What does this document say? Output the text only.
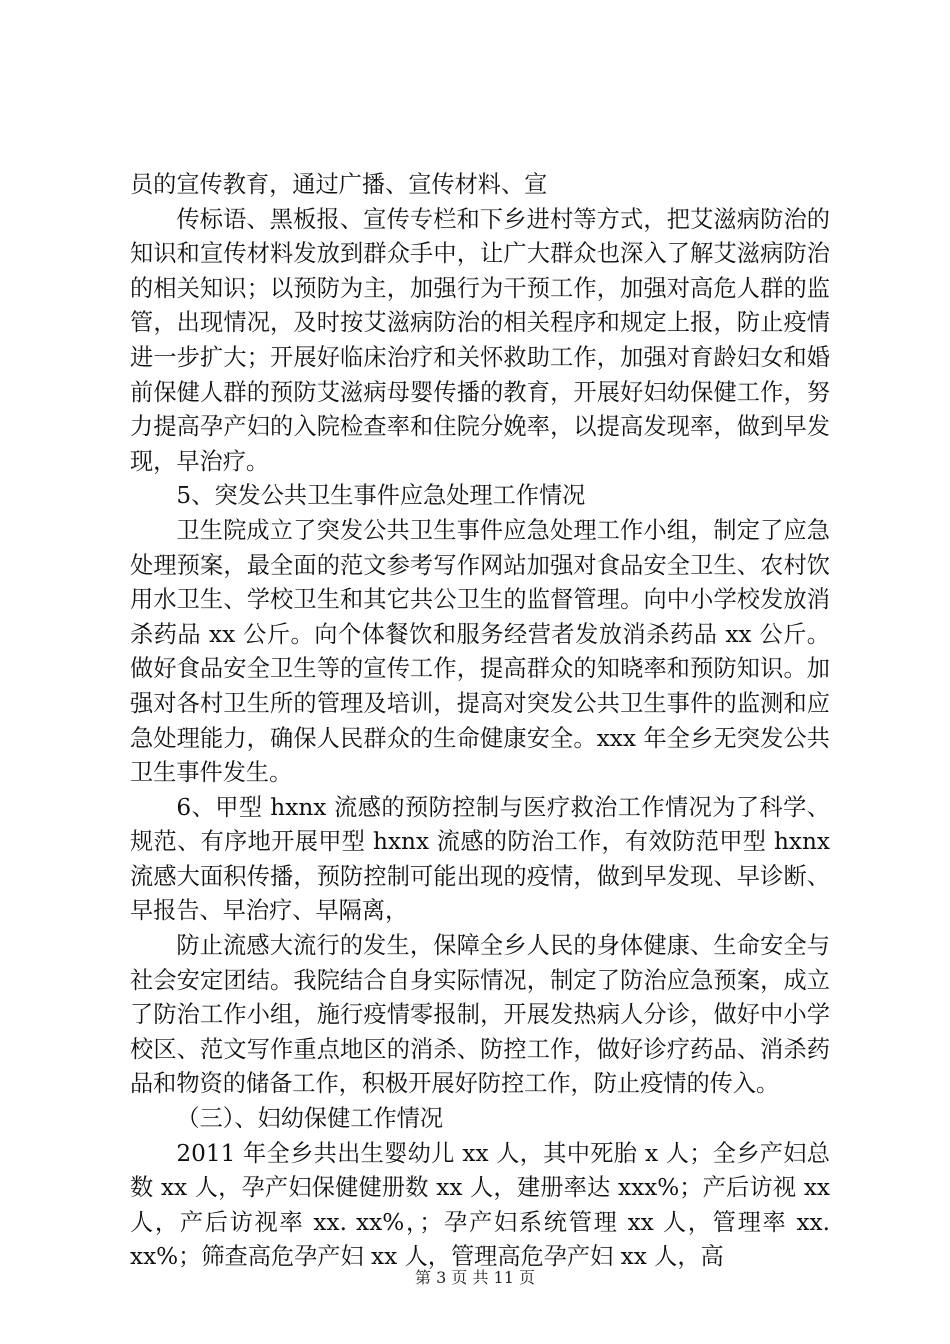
员的宣传教育，通过广播、宣传材料、宣

传标语、黑板报、宣传专栏和下乡进村等方式，把艾滋病防治的知识和宣传材料发放到群众手中，让广大群众也深入了解艾滋病防治的相关知识；以预防为主，加强行为干预工作，加强对高危人群的监管，出现情况，及时按艾滋病防治的相关程序和规定上报，防止疫情进一步扩大；开展好临床治疗和关怀救助工作，加强对育龄妇女和婚前保健人群的预防艾滋病母婴传播的教育，开展好妇幼保健工作，努力提高孕产妇的入院检查率和住院分娩率，以提高发现率，做到早发现，早治疗。

5、突发公共卫生事件应急处理工作情况

卫生院成立了突发公共卫生事件应急处理工作小组，制定了应急处理预案，最全面的范文参考写作网站加强对食品安全卫生、农村饮用水卫生、学校卫生和其它共公卫生的监督管理。向中小学校发放消杀药品 xx 公斤。向个体餐饮和服务经营者发放消杀药品 xx 公斤。做好食品安全卫生等的宣传工作，提高群众的知晓率和预防知识。加强对各村卫生所的管理及培训，提高对突发公共卫生事件的监测和应急处理能力，确保人民群众的生命健康安全。xxx 年全乡无突发公共卫生事件发生。

6、甲型 hxnx 流感的预防控制与医疗救治工作情况为了科学、规范、有序地开展甲型 hxnx 流感的防治工作，有效防范甲型 hxnx 流感大面积传播，预防控制可能出现的疫情，做到早发现、早诊断、早报告、早治疗、早隔离，

防止流感大流行的发生，保障全乡人民的身体健康、生命安全与社会安定团结。我院结合自身实际情况，制定了防治应急预案，成立了防治工作小组，施行疫情零报制，开展发热病人分诊，做好中小学校区、范文写作重点地区的消杀、防控工作，做好诊疗药品、消杀药品和物资的储备工作，积极开展好防控工作，防止疫情的传入。

（三）、妇幼保健工作情况

2011 年全乡共出生婴幼儿 xx 人，其中死胎 x 人；全乡产妇总数 xx 人，孕产妇保健健册数 xx 人，建册率达 xxx%；产后访视 xx 人，产后访视率 xx. xx%，；孕产妇系统管理 xx 人，管理率 xx. xx%；筛查高危孕产妇 xx 人，管理高危孕产妇 xx 人，高

第 3 页 共 11 页
